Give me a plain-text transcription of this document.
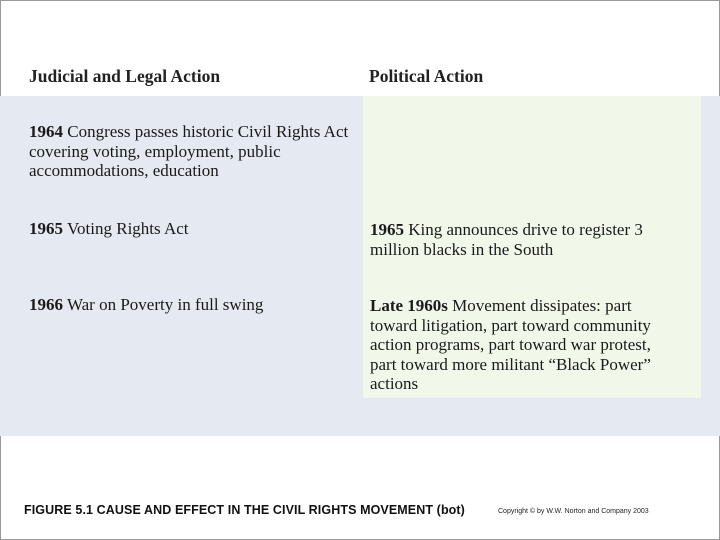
Judicial and Legal Action	Political Action
1964 Congress passes historic Civil Rights Act covering voting, employment, public accommodations, education
1965 Voting Rights Act
1966 War on Poverty in full swing
1965 King announces drive to register 3 million blacks in the South
Late 1960s Movement dissipates: part toward litigation, part toward community action programs, part toward war protest, part toward more militant “Black Power” actions
FIGURE 5.1 CAUSE AND EFFECT IN THE CIVIL RIGHTS MOVEMENT (bot)	Copyright © by W.W. Norton and Company 2003
